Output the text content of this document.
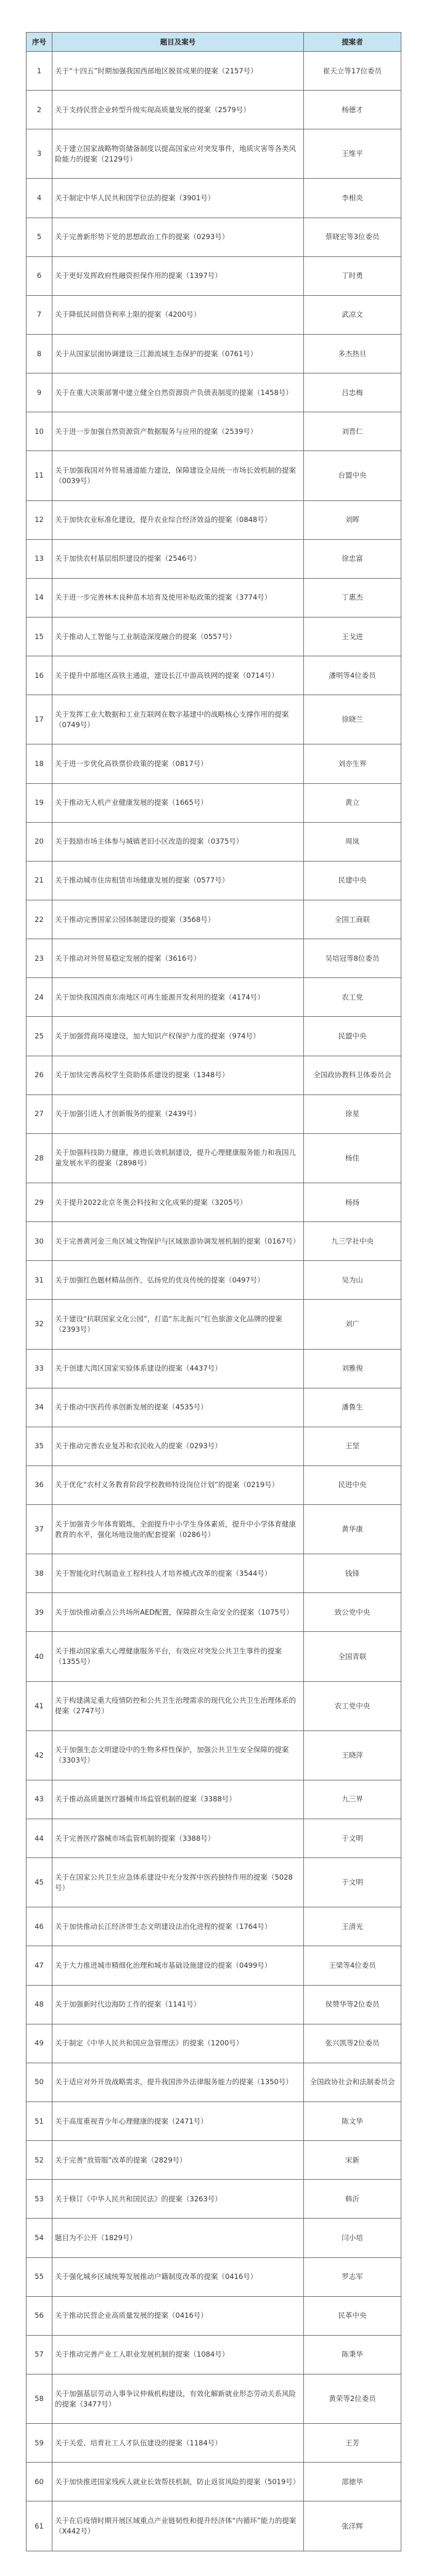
序号	题目及案号	提案者
1	关于“十四五”时期加强我国西部地区脱贫成果的提案（2157号）	崔天立等17位委员
2	关于支持民营企业转型升级实现高质量发展的提案（2579号）	杨德才
3	关于建立国家战略物资储备制度以提高国家应对突发事件，地质灾害等各类风险能力的提案（2129号）	王维平
4	关于制定中华人民共和国学位法的提案（3901号）	李相炎
5	关于完善新形势下党的思想政治工作的提案（0293号）	蔡晓宏等3位委员
6	关于更好发挥政府性融资担保作用的提案（1397号）	丁时勇
7	关于降低民间借贷利率上限的提案（4200号）	武凉文
8	关于从国家层面协调建设三江源流域生态保护的提案（0761号）	多杰热旦
9	关于在重大决策部署中建立健全自然资源资产负债表制度的提案（1458号）	吕忠梅
10	关于进一步加强自然资源资产数据服务与应用的提案（2539号）	刘晋仁
11	关于加强我国对外贸易通道能力建设，保障建设全局统一市场长效机制的提案（0039号）	台盟中央
12	关于加快农业标准化建设，提升农业综合经济效益的提案（0848号）	刘晖
13	关于加快农村基层组织建设的提案（2546号）	徐忠富
14	关于进一步完善林木良种苗木培育及使用补贴政策的提案（3774号）	丁惠杰
15	关于推动人工智能与工业制造深度融合的提案（0557号）	王戈进
16	关于提升中部地区高铁主通道，建设长江中游高铁网的提案（0714号）	潘明等4位委员
17	关于发挥工业大数据和工业互联网在数字基建中的战略核心支撑作用的提案（0749号）	徐晓兰
18	关于进一步优化高铁票价政策的提案（0817号）	刘亦生界
19	关于推动无人机产业健康发展的提案（1665号）	黄立
20	关于鼓励市场主体参与城镇老旧小区改造的提案（0375号）	周岚
21	关于推动城市住房租赁市场健康发展的提案（0577号）	民建中央
22	关于推动完善国家公园体制建设的提案（3568号）	全国工商联
23	关于推动对外贸易稳定发展的提案（3616号）	吴培冠等8位委员
24	关于加快我国西南东南地区可再生能源开发利用的提案（4174号）	农工党
25	关于加强营商环境建设，加大知识产权保护力度的提案（974号）	民盟中央
26	关于加快完善高校学生资助体系建设的提案（1348号）	全国政协教科卫体委员会
27	关于加强引进人才创新服务的提案（2439号）	徐星
28	关于加强科技助力健康，推进长效机制建设，提升心理健康服务能力和我国儿童发展水平的提案（2898号）	杨佳
29	关于提升2022北京冬奥会科技和文化成果的提案（3205号）	杨扬
30	关于完善黄河金三角区域文物保护与区域旅游协调发展机制的提案（0167号）	九三学社中央
31	关于加强红色题材精品创作，弘扬党的优良传统的提案（0497号）	吴为山
32	关于建设“抗联国家文化公园”，打造“东北振兴”红色旅游文化品牌的提案（2393号）	刘广
33	关于创建大湾区国家实验体系建设的提案（4437号）	刘雅俊
34	关于推动中医药传承创新发展的提案（4535号）	潘鲁生
35	关于推动完善农业复苏和农民收入的提案（0293号）	王坚
36	关于优化“农村义务教育阶段学校教师特设岗位计划”的提案（0219号）	民进中央
37	关于加强青少年体育锻炼，全面提升中小学生身体素质，提升中小学体育健康教育的水平，强化场地设施的配套提案（0286号）	黄华康
38	关于智能化时代制造业工程科技人才培养模式改革的提案（3544号）	钱锋
39	关于加快推动重点公共场所AED配置，保障群众生命安全的提案（1075号）	致公党中央
40	关于推动国家重大心理健康服务平台，有效应对突发公共卫生事件的提案（1355号）	全国青联
41	关于构建满足重大疫情防控和公共卫生治理需求的现代化公共卫生治理体系的提案（2747号）	农工党中央
42	关于加强生态文明建设中的生物多样性保护，加强公共卫生安全保障的提案（3303号）	王晓萍
43	关于推动高质量医疗器械市场监管机制的提案（3388号）	九三界
44	关于完善医疗器械市场监管机制的提案（3388号）	于文明
45	关于在国家公共卫生应急体系建设中充分发挥中医药独特作用的提案（5028号）	于文明
46	关于加快推动长江经济带生态文明建设法治化进程的提案（1764号）	王清光
47	关于大力推进城市精细化治理和城市基础设施建设的提案（0499号）	王梁等4位委员
48	关于加强新时代边海防工作的提案（1141号）	侯赞华等2位委员
49	关于制定《中华人民共和国应急管理法》的提案（1200号）	张兴凯等2位委员
50	关于适应对外开放战略需求，提升我国涉外法律服务能力的提案（1350号）	全国政协社会和法制委员会
51	关于高度重视青少年心理健康的提案（2471号）	陈文华
52	关于完善“放管服”改革的提案（2829号）	宋新
53	关于修订《中华人民共和国民法》的提案（3263号）	韩沂
54	题目为不公开（1829号）	闫小培
55	关于强化城乡区域统筹发展推动户籍制度改革的提案（0416号）	罗志军
56	关于推动民营企业高质量发展的提案（0416号）	民革中央
57	关于推动完善产业工人职业发展机制的提案（1084号）	陈秉华
58	关于加强基层劳动人事争议仲裁机构建设，有效化解新就业形态劳动关系风险的提案（3477号）	黄荣等2位委员
59	关于关爱、培育社工人才队伍建设的提案（1184号）	王芳
60	关于加快推进国家残疾人就业长效帮扶机制，防止返贫风险的提案（5019号）	邵徳华
61	关于在后疫情时期开展区域重点产业链韧性和提升经济体“内循环”能力的提案（X442号）	张洋辉
